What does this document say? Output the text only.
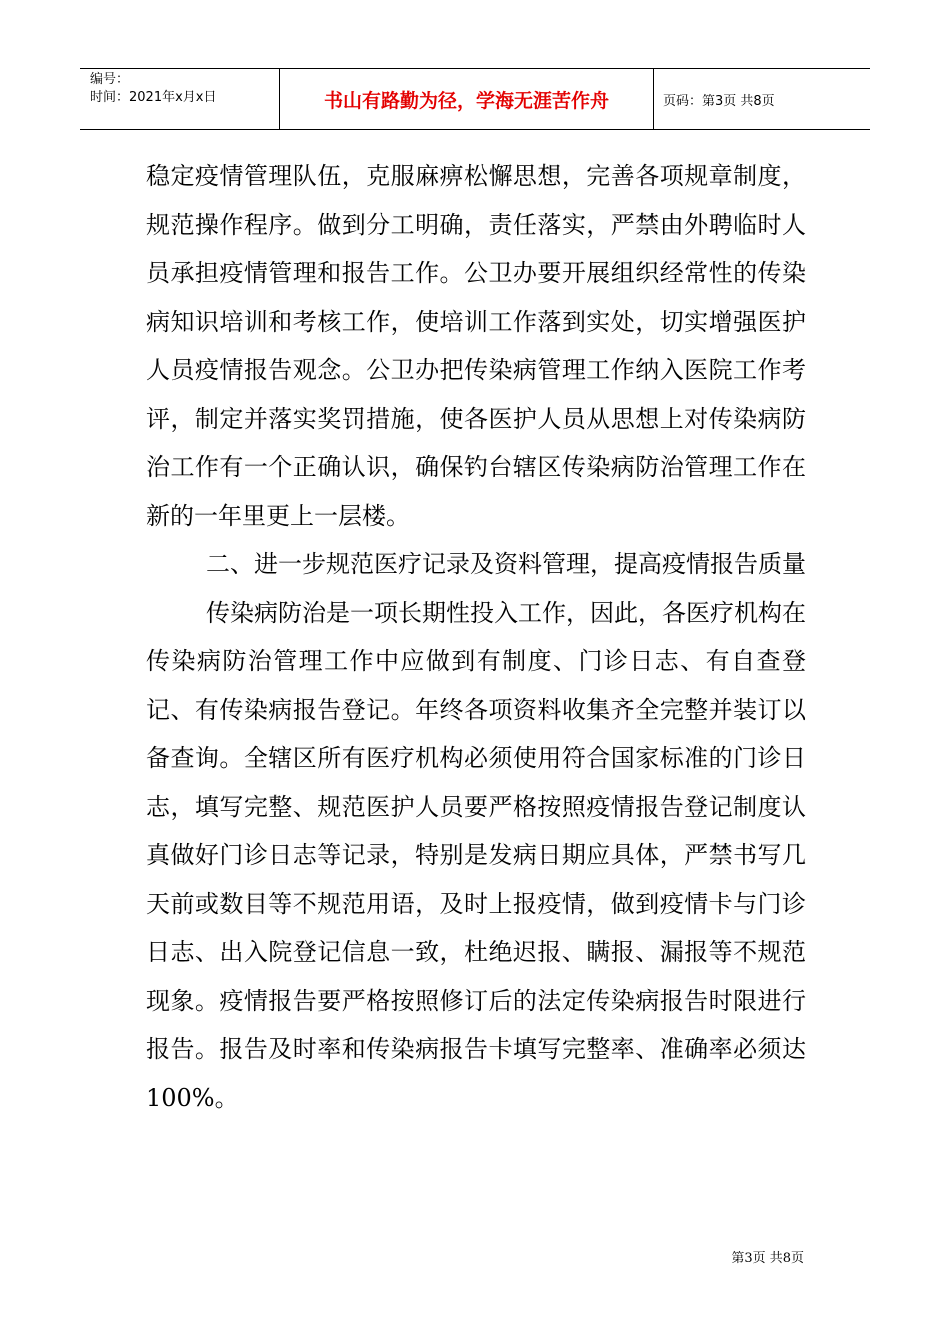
编号：
时间：2021年x月x日	书山有路勤为径，学海无涯苦作舟	页码：第3页 共8页

稳定疫情管理队伍，克服麻痹松懈思想，完善各项规章制度，规范操作程序。做到分工明确，责任落实，严禁由外聘临时人员承担疫情管理和报告工作。公卫办要开展组织经常性的传染病知识培训和考核工作，使培训工作落到实处，切实增强医护人员疫情报告观念。公卫办把传染病管理工作纳入医院工作考评，制定并落实奖罚措施，使各医护人员从思想上对传染病防治工作有一个正确认识，确保钓台辖区传染病防治管理工作在新的一年里更上一层楼。

二、进一步规范医疗记录及资料管理，提高疫情报告质量

传染病防治是一项长期性投入工作，因此，各医疗机构在传染病防治管理工作中应做到有制度、门诊日志、有自查登记、有传染病报告登记。年终各项资料收集齐全完整并装订以备查询。全辖区所有医疗机构必须使用符合国家标准的门诊日志，填写完整、规范医护人员要严格按照疫情报告登记制度认真做好门诊日志等记录，特别是发病日期应具体，严禁书写几天前或数目等不规范用语，及时上报疫情，做到疫情卡与门诊日志、出入院登记信息一致，杜绝迟报、瞒报、漏报等不规范现象。疫情报告要严格按照修订后的法定传染病报告时限进行报告。报告及时率和传染病报告卡填写完整率、准确率必须达100%。

第3页 共8页
